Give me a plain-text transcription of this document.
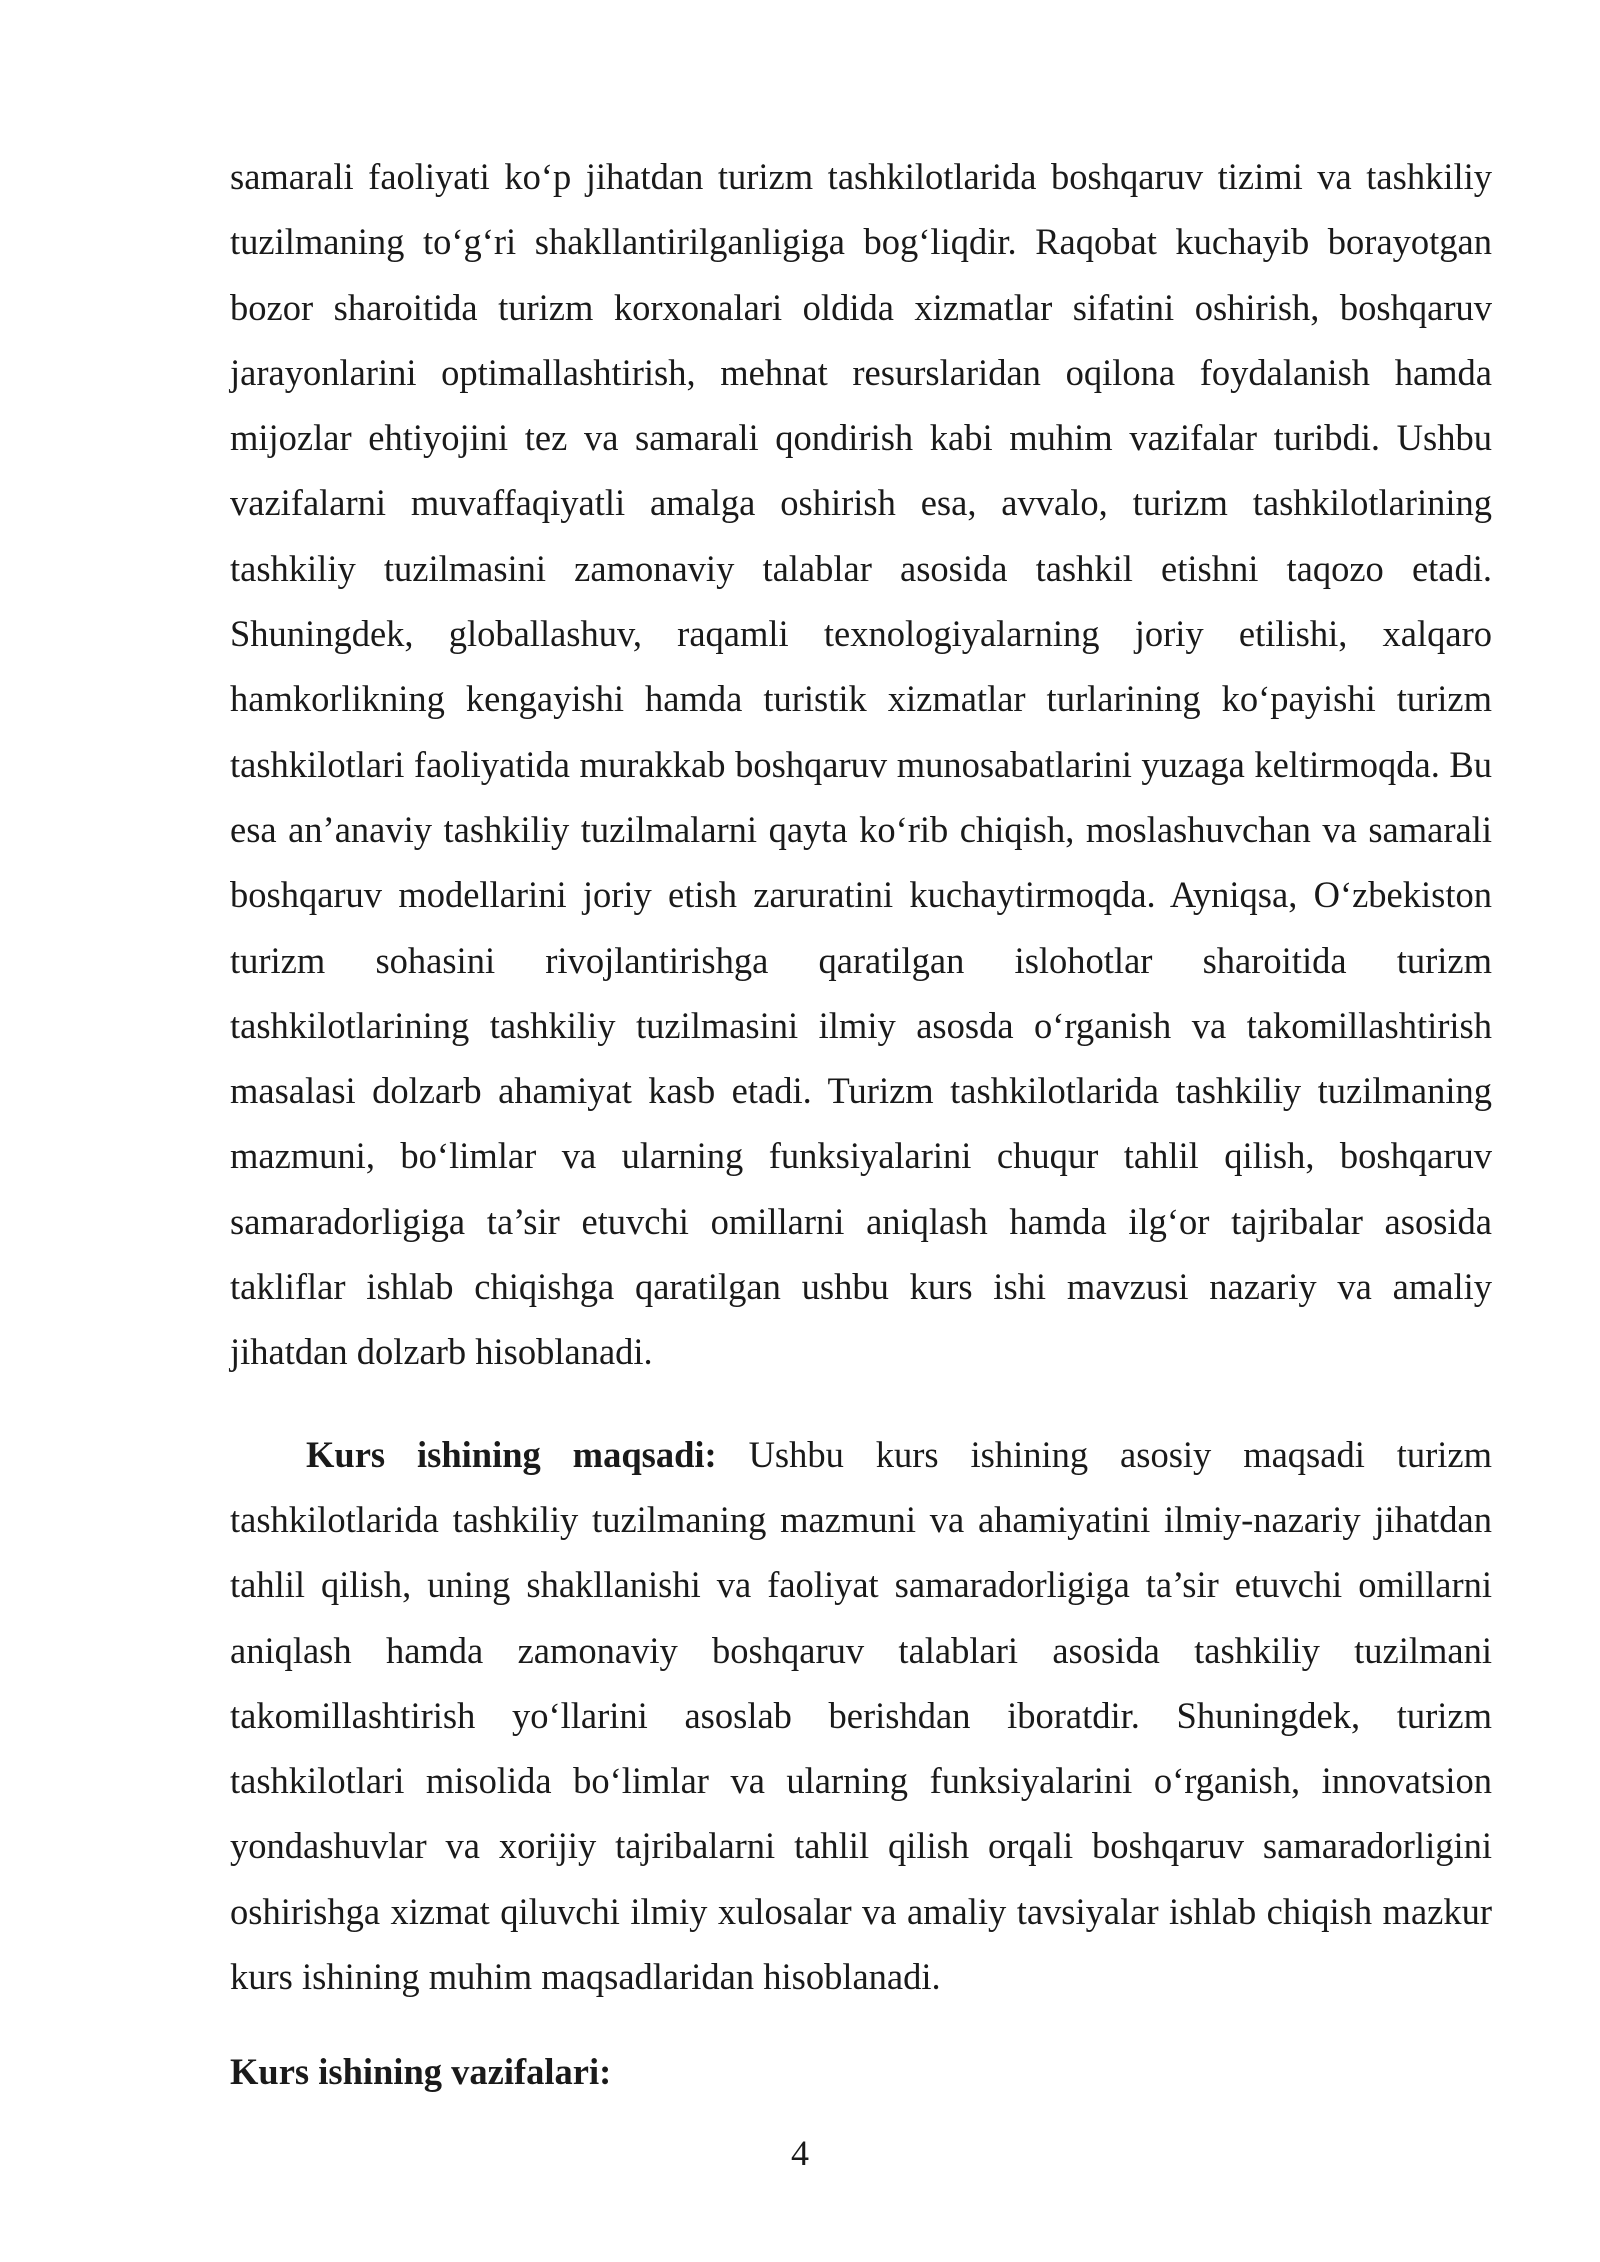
samarali faoliyati ko‘p jihatdan turizm tashkilotlarida boshqaruv tizimi va tashkiliy tuzilmaning to‘g‘ri shakllantirilganligiga bog‘liqdir. Raqobat kuchayib borayotgan bozor sharoitida turizm korxonalari oldida xizmatlar sifatini oshirish, boshqaruv jarayonlarini optimallashtirish, mehnat resurslaridan oqilona foydalanish hamda mijozlar ehtiyojini tez va samarali qondirish kabi muhim vazifalar turibdi. Ushbu vazifalarni muvaffaqiyatli amalga oshirish esa, avvalo, turizm tashkilotlarining tashkiliy tuzilmasini zamonaviy talablar asosida tashkil etishni taqozo etadi. Shuningdek, globallashuv, raqamli texnologiyalarning joriy etilishi, xalqaro hamkorlikning kengayishi hamda turistik xizmatlar turlarining ko‘payishi turizm tashkilotlari faoliyatida murakkab boshqaruv munosabatlarini yuzaga keltirmoqda. Bu esa an’anaviy tashkiliy tuzilmalarni qayta ko‘rib chiqish, moslashuvchan va samarali boshqaruv modellarini joriy etish zaruratini kuchaytirmoqda. Ayniqsa, O‘zbekiston turizm sohasini rivojlantirishga qaratilgan islohotlar sharoitida turizm tashkilotlarining tashkiliy tuzilmasini ilmiy asosda o‘rganish va takomillashtirish masalasi dolzarb ahamiyat kasb etadi. Turizm tashkilotlarida tashkiliy tuzilmaning mazmuni, bo‘limlar va ularning funksiyalarini chuqur tahlil qilish, boshqaruv samaradorligiga ta’sir etuvchi omillarni aniqlash hamda ilg‘or tajribalar asosida takliflar ishlab chiqishga qaratilgan ushbu kurs ishi mavzusi nazariy va amaliy jihatdan dolzarb hisoblanadi.

Kurs ishining maqsadi: Ushbu kurs ishining asosiy maqsadi turizm tashkilotlarida tashkiliy tuzilmaning mazmuni va ahamiyatini ilmiy-nazariy jihatdan tahlil qilish, uning shakllanishi va faoliyat samaradorligiga ta’sir etuvchi omillarni aniqlash hamda zamonaviy boshqaruv talablari asosida tashkiliy tuzilmani takomillashtirish yo‘llarini asoslab berishdan iboratdir. Shuningdek, turizm tashkilotlari misolida bo‘limlar va ularning funksiyalarini o‘rganish, innovatsion yondashuvlar va xorijiy tajribalarni tahlil qilish orqali boshqaruv samaradorligini oshirishga xizmat qiluvchi ilmiy xulosalar va amaliy tavsiyalar ishlab chiqish mazkur kurs ishining muhim maqsadlaridan hisoblanadi.

Kurs ishining vazifalari:

4
